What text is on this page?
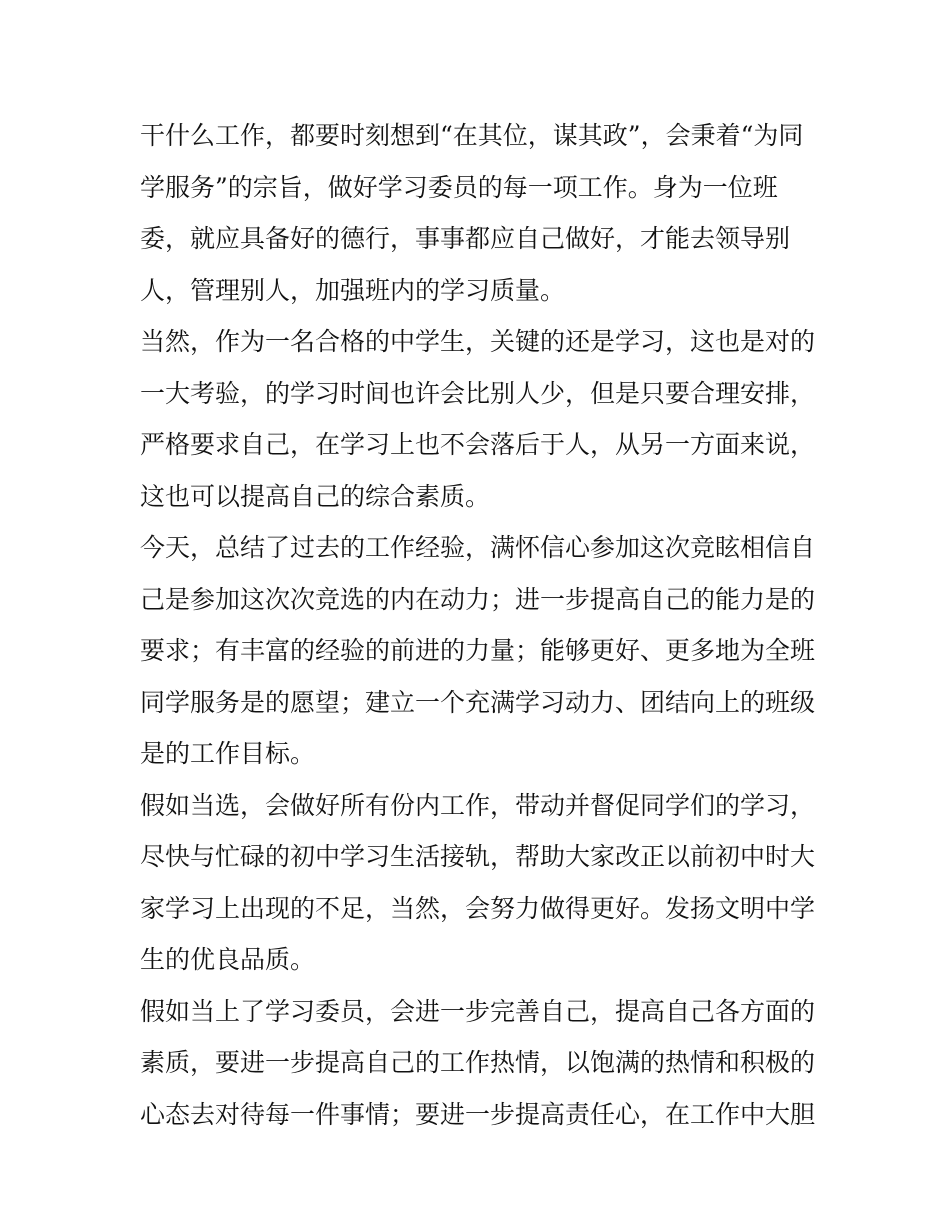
干什么工作，都要时刻想到“在其位，谋其政”，会秉着“为同
学服务”的宗旨，做好学习委员的每一项工作。身为一位班
委，就应具备好的德行，事事都应自己做好，才能去领导别
人，管理别人，加强班内的学习质量。
当然，作为一名合格的中学生，关键的还是学习，这也是对的
一大考验，的学习时间也许会比别人少，但是只要合理安排，
严格要求自己，在学习上也不会落后于人，从另一方面来说，
这也可以提高自己的综合素质。
今天，总结了过去的工作经验，满怀信心参加这次竞眩相信自
己是参加这次次竞选的内在动力；进一步提高自己的能力是的
要求；有丰富的经验的前进的力量；能够更好、更多地为全班
同学服务是的愿望；建立一个充满学习动力、团结向上的班级
是的工作目标。
假如当选，会做好所有份内工作，带动并督促同学们的学习，
尽快与忙碌的初中学习生活接轨，帮助大家改正以前初中时大
家学习上出现的不足，当然，会努力做得更好。发扬文明中学
生的优良品质。
假如当上了学习委员，会进一步完善自己，提高自己各方面的
素质，要进一步提高自己的工作热情，以饱满的热情和积极的
心态去对待每一件事情；要进一步提高责任心，在工作中大胆
